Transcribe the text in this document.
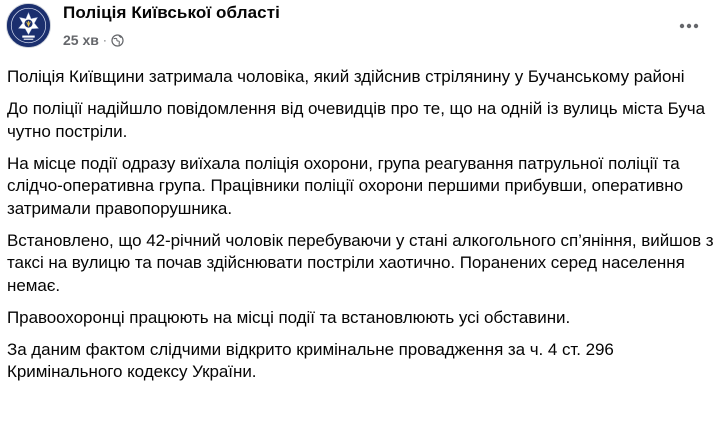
Поліція Київської області
25 хв ·

Поліція Київщини затримала чоловіка, який здійснив стрілянину у Бучанському районі

До поліції надійшло повідомлення від очевидців про те, що на одній із вулиць міста Буча чутно постріли.

На місце події одразу виїхала поліція охорони, група реагування патрульної поліції та слідчо-оперативна група. Працівники поліції охорони першими прибувши, оперативно затримали правопорушника.

Встановлено, що 42-річний чоловік перебуваючи у стані алкогольного сп’яніння, вийшов з таксі на вулицю та почав здійснювати постріли хаотично. Поранених серед населення немає.

Правоохоронці працюють на місці події та встановлюють усі обставини.

За даним фактом слідчими відкрито кримінальне провадження за ч. 4 ст. 296 Кримінального кодексу України.
